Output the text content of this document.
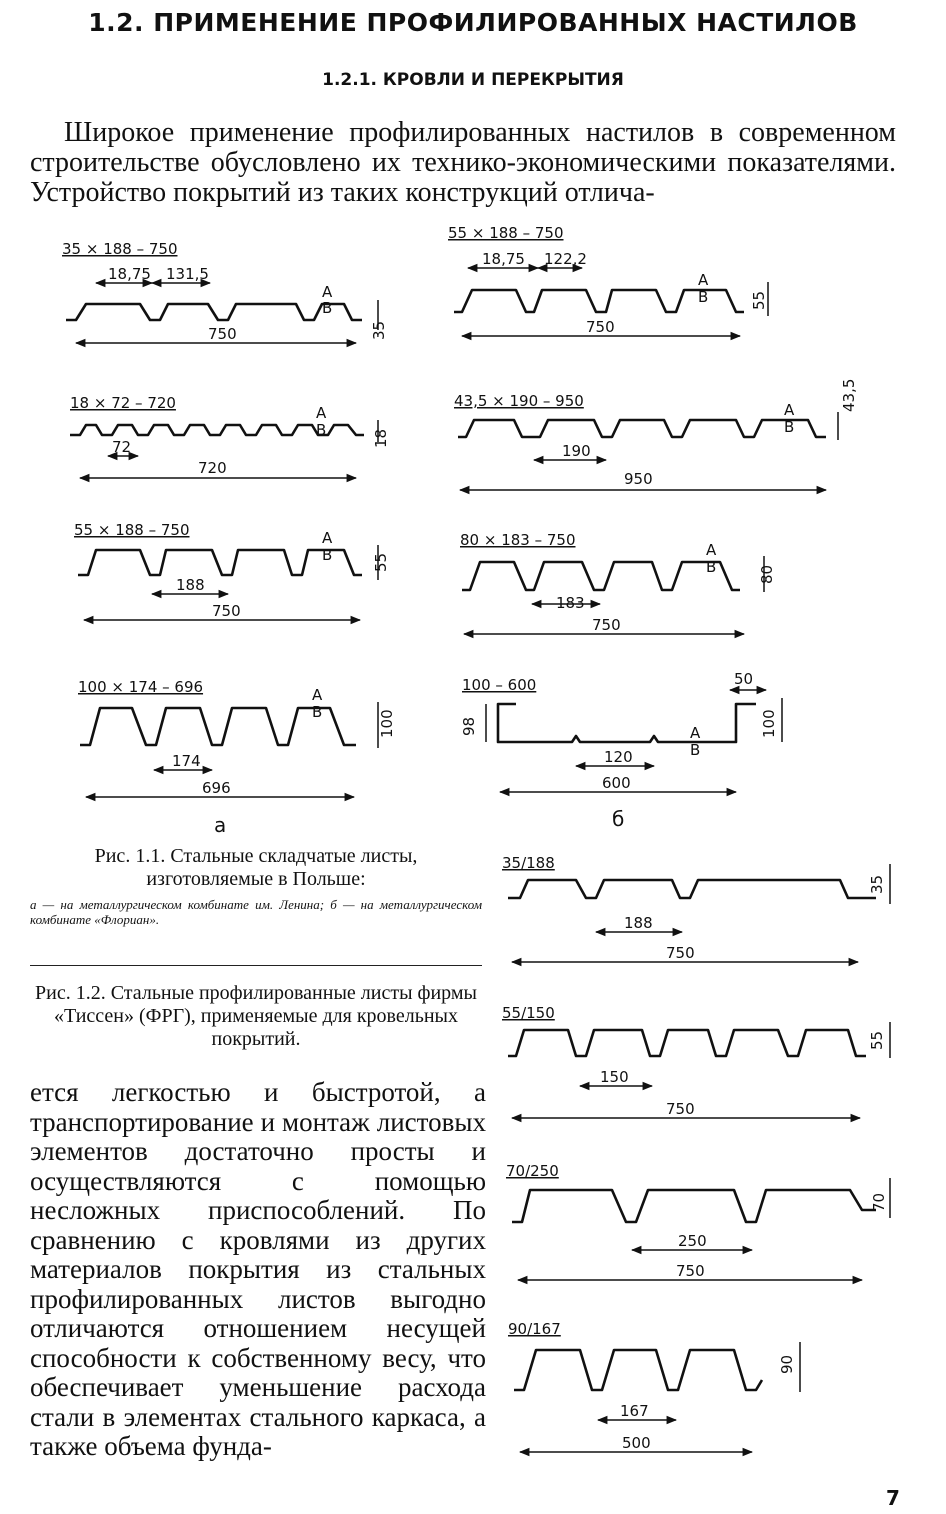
1.2. ПРИМЕНЕНИЕ ПРОФИЛИРОВАННЫХ НАСТИЛОВ
1.2.1. КРОВЛИ И ПЕРЕКРЫТИЯ
Широкое применение профилированных настилов в современном строительстве обусловлено их технико-экономическими показателями. Устройство покрытий из таких конструкций отлича-
35 × 188 – 750
18,75 131,5
750	35
А
В
18 × 72 – 720
72
720
18
А
В
55 × 188 – 750
188
750
55
А
В
100 × 174 – 696
174
696
100
А
В
а
55 × 188 – 750
18,75 122,2
750
55
А
В
43,5 × 190 – 950
190
950
43,5
А
В
80 × 183 – 750
183
750
80
А
В
100 – 600
98
50
120
600
100
А
В
б
35/188
188
750
35
55/150
150
750
55
70/250
250
750
70
90/167
167
500
90
Рис. 1.1. Стальные складчатые листы, изготовляемые в Польше:
а — на металлургическом комбинате им. Ленина; б — на металлургическом комбинате «Флориан».
Рис. 1.2. Стальные профилированные листы фирмы «Тиссен» (ФРГ), применяемые для кровельных покрытий.
ется легкостью и быстротой, а транспортирование и монтаж листовых элементов достаточно просты и осуществляются с помощью несложных приспособлений. По сравнению с кровлями из других материалов покрытия из стальных профилированных листов выгодно отличаются отношением несущей способности к собственному весу, что обеспечивает уменьшение расхода стали в элементах стального каркаса, а также объема фунда-
7
